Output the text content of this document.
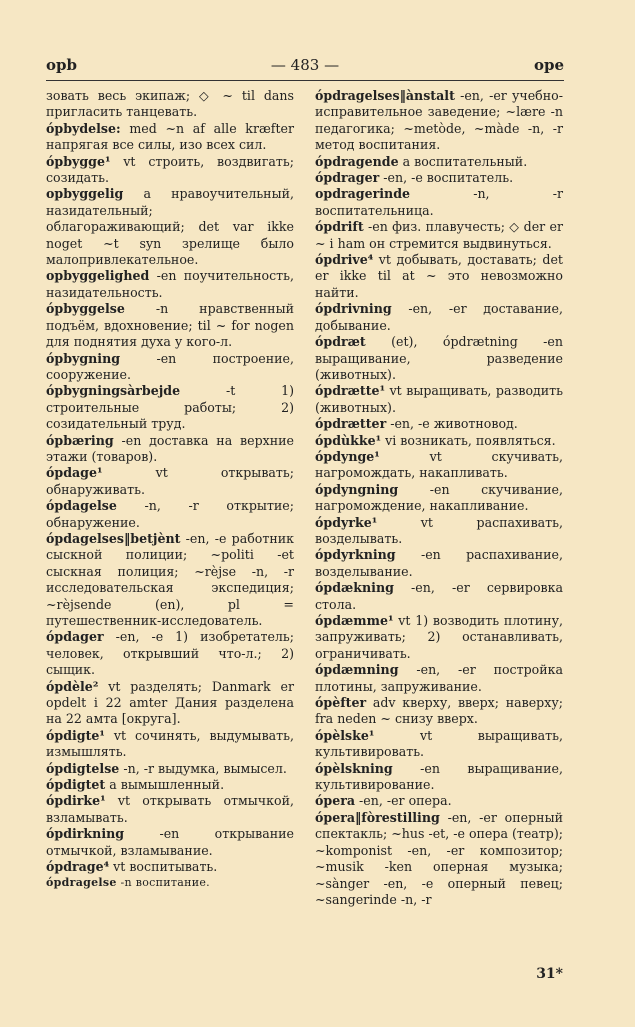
opb	— 483 —	ope

зовать весь экипаж; ◇ ~ til dans пригласить танцевать.

ópbydelse: med ~n af alle kræfter напрягая все силы, изо всех сил.

ópbygge¹ vt строить, воздвигать; созидать.

opbyggelig a нравоучительный, назидательный; облагораживающий; det var ikke noget ~t syn зрелище было малопривлекательное.

opbyggelighed -en поучительность, назидательность.

ópbyggelse -n нравственный подъём, вдохновение; til ~ for nogen для поднятия духа у кого-л.

ópbygning -en построение, сооружение.

ópbygningsàrbejde -t 1) строительные работы; 2) созидательный труд.

ópbæring -en доставка на верхние этажи (товаров).

ópdage¹ vt открывать; обнаруживать.

ópdagelse -n, -r открытие; обнаружение.

ópdagelses‖betjènt -en, -e работник сыскной полиции; ~politi -et сыскная полиция; ~rèjse -n, -r исследовательская экспедиция; ~rèjsende (en), pl = путешественник-исследователь.

ópdager -en, -e 1) изобретатель; человек, открывший что-л.; 2) сыщик.

ópdèle² vt разделять; Danmark er opdelt i 22 amter Дания разделена на 22 амта [округа].

ópdigte¹ vt сочинять, выдумывать, измышлять.

ópdigtelse -n, -r выдумка, вымысел.

ópdigtet a вымышленный.

ópdirke¹ vt открывать отмычкой, взламывать.

ópdirkning -en открывание отмычкой, взламывание.

ópdrage⁴ vt воспитывать.

ópdragelse -n воспитание.

ópdragelses‖ànstalt -en, -er учебно-исправительное заведение; ~lære -n педагогика; ~metòde, ~màde -n, -r метод воспитания.

ópdragende a воспитательный.

ópdrager -en, -e воспитатель.

opdragerinde -n, -r воспитательница.

ópdrift -en физ. плавучесть; ◇ der er ~ i ham он стремится выдвинуться.

ópdrive⁴ vt добывать, доставать; det er ikke til at ~ это невозможно найти.

ópdrivning -en, -er доставание, добывание.

ópdræt (et), ópdrætning -en выращивание, разведение (животных).

ópdrætte¹ vt выращивать, разводить (животных).

ópdrætter -en, -e животновод.

ópdùkke¹ vi возникать, появляться.

ópdynge¹ vt скучивать, нагромождать, накапливать.

ópdyngning -en скучивание, нагромождение, накапливание.

ópdyrke¹ vt распахивать, возделывать.

ópdyrkning -en распахивание, возделывание.

ópdækning -en, -er сервировка стола.

ópdæmme¹ vt 1) возводить плотину, запруживать; 2) останавливать, ограничивать.

ópdæmning -en, -er постройка плотины, запруживание.

ópèfter adv кверху, вверх; наверху; fra neden ~ снизу вверх.

ópèlske¹ vt выращивать, культивировать.

ópèlskning -en выращивание, культивирование.

ópera -en, -er опера.

ópera‖fòrestilling -en, -er оперный спектакль; ~hus -et, -e опера (театр); ~komponist -en, -er композитор; ~musik -ken оперная музыка; ~sànger -en, -e оперный певец; ~sangerinde -n, -r

31*
